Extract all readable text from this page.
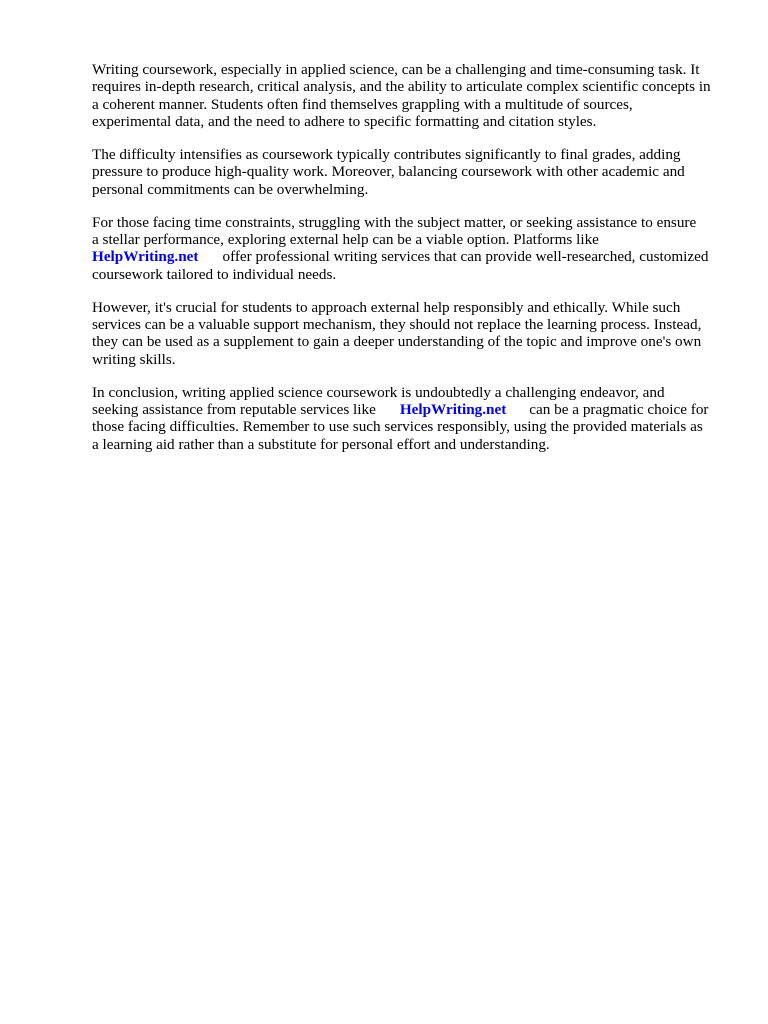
Writing coursework, especially in applied science, can be a challenging and time-consuming task. It
requires in-depth research, critical analysis, and the ability to articulate complex scientific concepts in
a coherent manner. Students often find themselves grappling with a multitude of sources,
experimental data, and the need to adhere to specific formatting and citation styles.

The difficulty intensifies as coursework typically contributes significantly to final grades, adding
pressure to produce high-quality work. Moreover, balancing coursework with other academic and
personal commitments can be overwhelming.

For those facing time constraints, struggling with the subject matter, or seeking assistance to ensure
a stellar performance, exploring external help can be a viable option. Platforms like
HelpWriting.net offer professional writing services that can provide well-researched, customized
coursework tailored to individual needs.

However, it's crucial for students to approach external help responsibly and ethically. While such
services can be a valuable support mechanism, they should not replace the learning process. Instead,
they can be used as a supplement to gain a deeper understanding of the topic and improve one's own
writing skills.

In conclusion, writing applied science coursework is undoubtedly a challenging endeavor, and
seeking assistance from reputable services like HelpWriting.net can be a pragmatic choice for
those facing difficulties. Remember to use such services responsibly, using the provided materials as
a learning aid rather than a substitute for personal effort and understanding.
